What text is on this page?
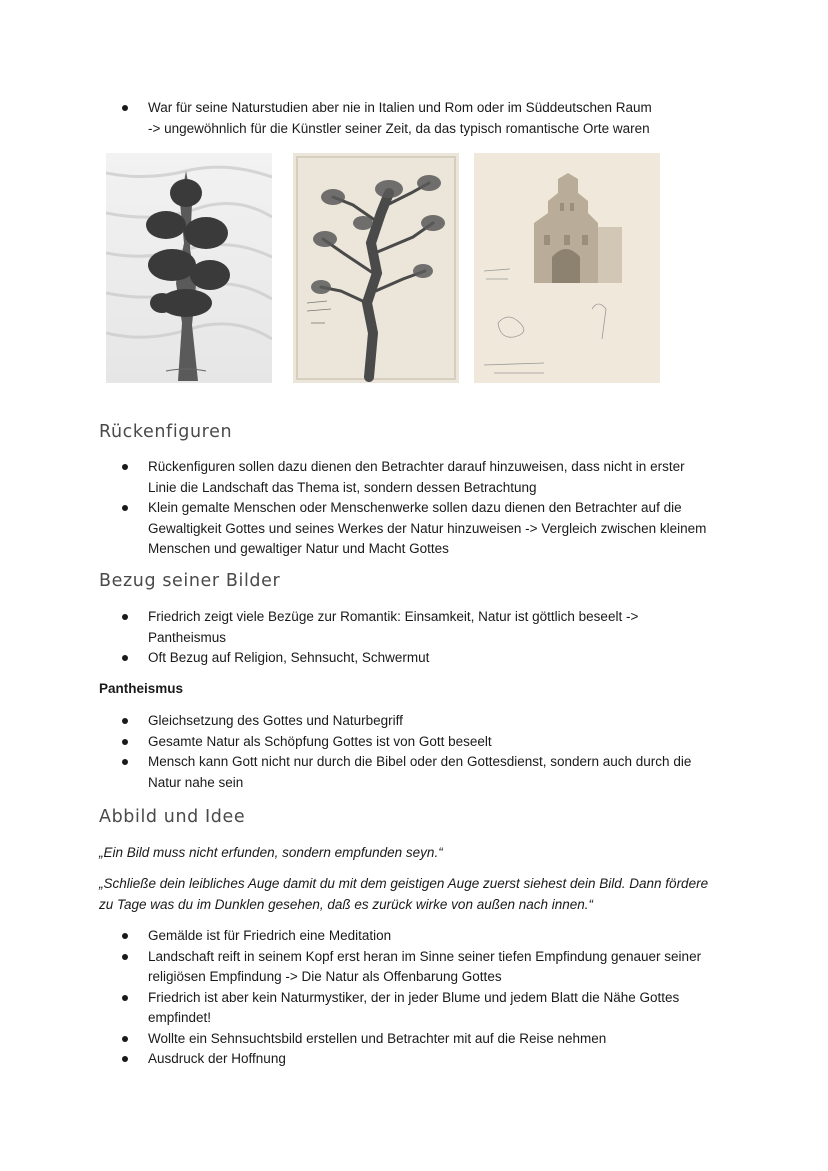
War für seine Naturstudien aber nie in Italien und Rom oder im Süddeutschen Raum
-> ungewöhnlich für die Künstler seiner Zeit, da das typisch romantische Orte waren
Rückenfiguren
Rückenfiguren sollen dazu dienen den Betrachter darauf hinzuweisen, dass nicht in erster
Linie die Landschaft das Thema ist, sondern dessen Betrachtung
Klein gemalte Menschen oder Menschenwerke sollen dazu dienen den Betrachter auf die
Gewaltigkeit Gottes und seines Werkes der Natur hinzuweisen -> Vergleich zwischen kleinem
Menschen und gewaltiger Natur und Macht Gottes
Bezug seiner Bilder
Friedrich zeigt viele Bezüge zur Romantik: Einsamkeit, Natur ist göttlich beseelt ->
Pantheismus
Oft Bezug auf Religion, Sehnsucht, Schwermut
Pantheismus
Gleichsetzung des Gottes und Naturbegriff
Gesamte Natur als Schöpfung Gottes ist von Gott beseelt
Mensch kann Gott nicht nur durch die Bibel oder den Gottesdienst, sondern auch durch die
Natur nahe sein
Abbild und Idee
„Ein Bild muss nicht erfunden, sondern empfunden seyn.“
„Schließe dein leibliches Auge damit du mit dem geistigen Auge zuerst siehest dein Bild. Dann fördere
zu Tage was du im Dunklen gesehen, daß es zurück wirke von außen nach innen.“
Gemälde ist für Friedrich eine Meditation
Landschaft reift in seinem Kopf erst heran im Sinne seiner tiefen Empfindung genauer seiner
religiösen Empfindung -> Die Natur als Offenbarung Gottes
Friedrich ist aber kein Naturmystiker, der in jeder Blume und jedem Blatt die Nähe Gottes
empfindet!
Wollte ein Sehnsuchtsbild erstellen und Betrachter mit auf die Reise nehmen
Ausdruck der Hoffnung
